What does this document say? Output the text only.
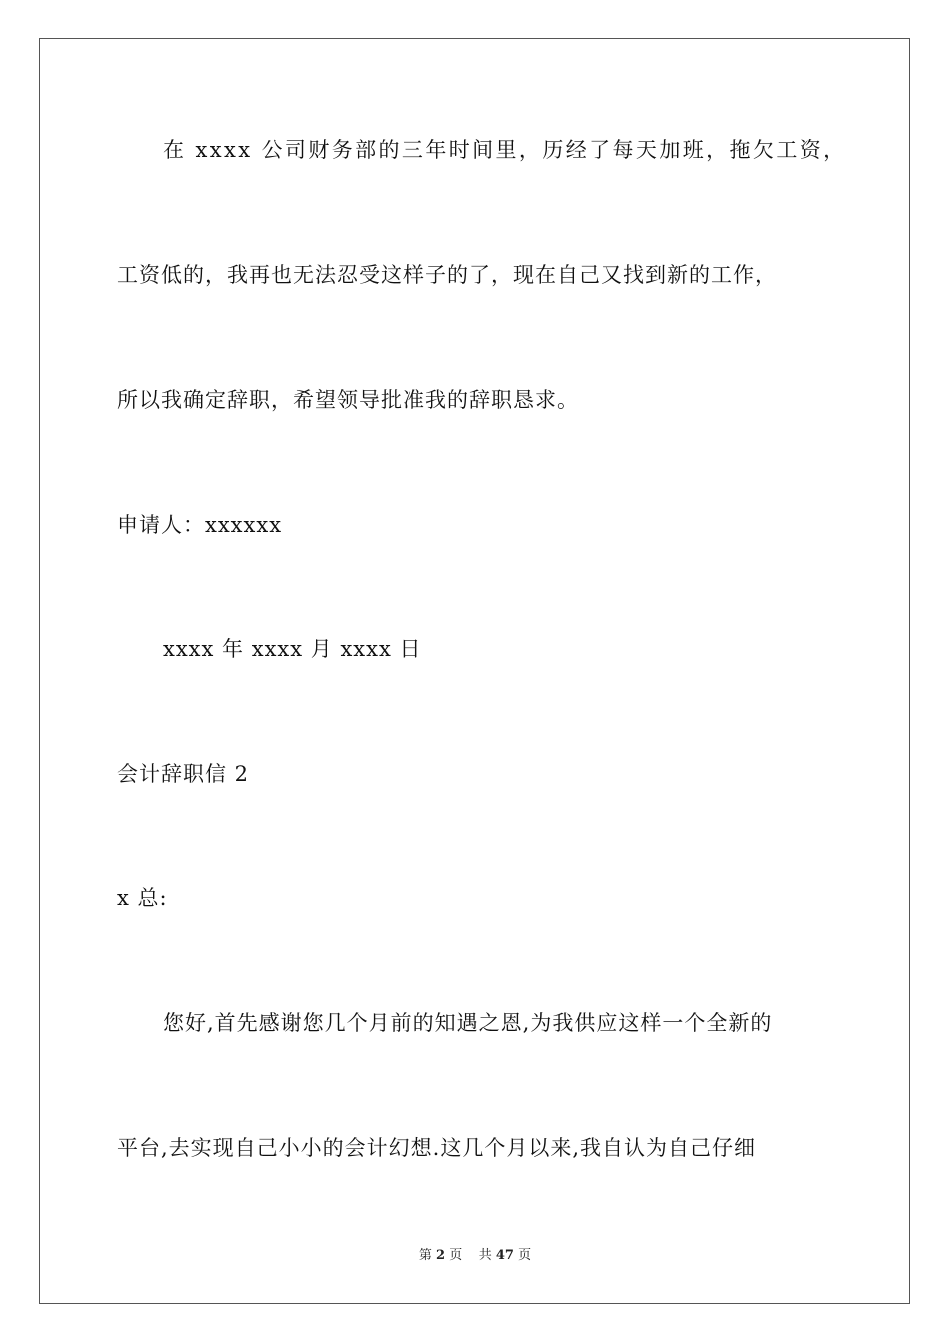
在 xxxx 公司财务部的三年时间里，历经了每天加班，拖欠工资，
工资低的，我再也无法忍受这样子的了，现在自己又找到新的工作，
所以我确定辞职，希望领导批准我的辞职恳求。
申请人：xxxxxx
xxxx 年 xxxx 月 xxxx 日
会计辞职信 2
x 总:
您好,首先感谢您几个月前的知遇之恩,为我供应这样一个全新的
平台,去实现自己小小的会计幻想.这几个月以来,我自认为自己仔细
第 2 页    共 47 页
